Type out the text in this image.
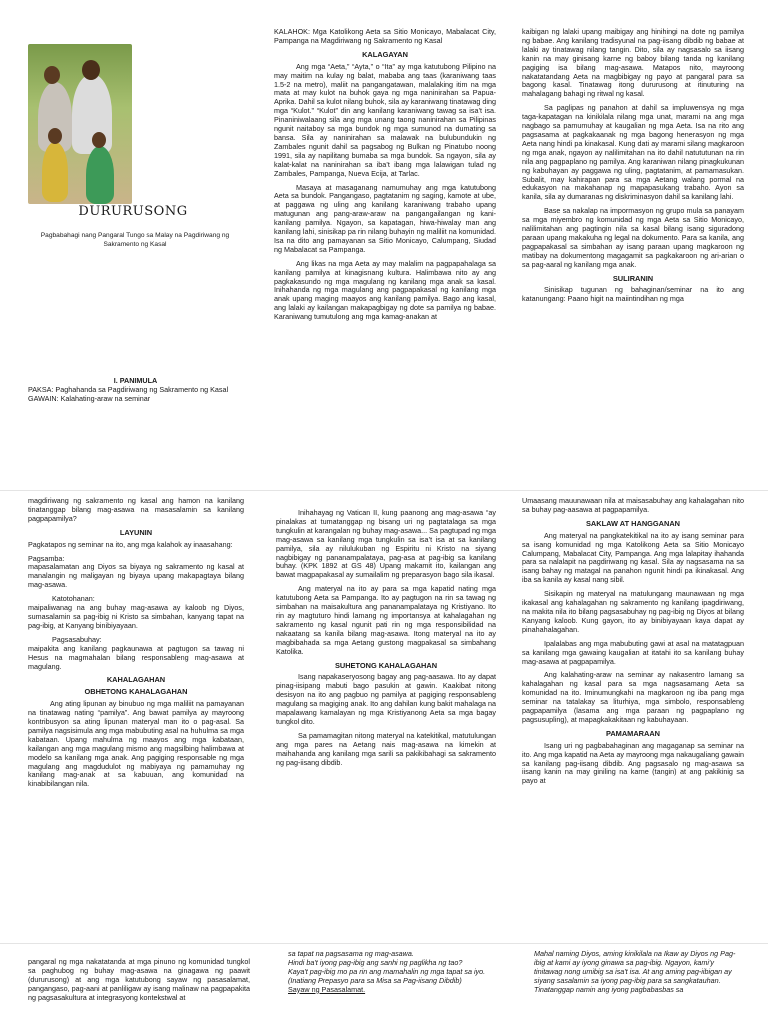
DURURUSONG
Pagbabahagi nang Pangaral Tungo sa Malay na Pagdiriwang ng Sakramento ng Kasal
I. PANIMULA
PAKSA: Paghahanda sa Pagdiriwang ng Sakramento ng Kasal
GAWAIN: Kalahating-araw na seminar

KALAHOK: Mga Katolikong Aeta sa Sitio Monicayo, Mabalacat City, Pampanga na Magdiriwang ng Sakramento ng Kasal

KALAGAYAN

Ang mga “Aeta,” “Ayta,” o “Ita” ay mga katutubong Pilipino na may maitim na kulay ng balat, mababa ang taas (karaniwang taas 1.5-2 na metro), maliit na pangangatawan, malalaking itim na mga mata at may kulot na buhok gaya ng mga naninirahan sa Papua-Aprika. Dahil sa kulot nilang buhok, sila ay karaniwang tinatawag ding mga “Kulot.” “Kulot” din ang kanilang karaniwang tawag sa isa’t isa. Pinaniniwalaang sila ang mga unang taong naninirahan sa Pilipinas ngunit naitaboy sa mga bundok ng mga sumunod na dumating sa bansa. Sila ay naninirahan sa malawak na bulubundukin ng Zambales ngunit dahil sa pagsabog ng Bulkan ng Pinatubo noong 1991, sila ay napilitang bumaba sa mga bundok. Sa ngayon, sila ay kalat-kalat na naninirahan sa iba’t ibang mga lalawigan tulad ng Zambales, Pampanga, Nueva Ecija, at Tarlac.

Masaya at masaganang namumuhay ang mga katutubong Aeta sa bundok. Pangangaso, pagtatanim ng saging, kamote at ube, at paggawa ng uling ang kanilang karaniwang trabaho upang matugunan ang pang-araw-araw na pangangailangan ng kani-kanilang pamilya. Ngayon, sa kapatagan, hiwa-hiwalay man ang kanilang lahi, sinisikap pa rin nilang buhayin ng maliliit na komunidad. Isa na dito ang pamayanan sa Sitio Monicayo, Calumpang, Siudad ng Mabalacat sa Pampanga.

Ang likas na mga Aeta ay may malalim na pagpapahalaga sa kanilang pamilya at kinagisnang kultura. Halimbawa nito ay ang pagkakasundo ng mga magulang ng kanilang mga anak sa kasal. Inihahanda ng mga magulang ang pagpapakasal ng kanilang mga anak upang maging maayos ang kanilang pamilya. Bago ang kasal, ang lalaki ay kailangan makapagbigay ng dote sa pamilya ng babae. Karaniwang tumutulong ang mga kamag-anakan at

kaibigan ng lalaki upang maibigay ang hinihingi na dote ng pamilya ng babae. Ang kanilang tradisyunal na pag-iisang dibdib ng babae at lalaki ay tinatawag nilang tangin. Dito, sila ay nagsasalo sa iisang kanin na may ginisang karne ng baboy bilang tanda ng kanilang pagiging isa bilang mag-asawa. Matapos nito, mayroong nakatatandang Aeta na magbibigay ng payo at pangaral para sa bagong kasal. Tinatawag itong dururusong at itinuturing na mahalagang bahagi ng ritwal ng kasal.

Sa paglipas ng panahon at dahil sa impluwensya ng mga taga-kapatagan na kinikilala nilang mga unat, marami na ang mga nagbago sa pamumuhay at kaugalian ng mga Aeta. Isa na rito ang pagsasama at pagkakaanak ng mga bagong henerasyon ng mga Aeta nang hindi pa kinakasal. Kung dati ay marami silang magkaroon ng mga anak, ngayon ay nalilimitahan na ito dahil natututunan na rin nila ang pagpaplano ng pamilya. Ang karaniwan nilang pinagkukunan ng kabuhayan ay paggawa ng uling, pagtatanim, at pamamasukan. Subalit, may kahirapan para sa mga Aetang walang pormal na edukasyon na makahanap ng mapapasukang trabaho. Ayon sa kanila, sila ay dumaranas ng diskriminasyon dahil sa kanilang lahi.

Base sa nakalap na impormasyon ng grupo mula sa panayam sa mga miyembro ng komunidad ng mga Aeta sa Sitio Monicayo, nalilimitahan ang pagtingin nila sa kasal bilang isang siguradong paraan upang makakuha ng legal na dokumento. Para sa kanila, ang pagpapakasal sa simbahan ay isang paraan upang magkaroon ng matibay na dokumentong magagamit sa pagkakaroon ng ari-arian o sa pag-aaral ng kanilang mga anak.

SULIRANIN

Sinisikap tugunan ng bahaginan/seminar na ito ang katanungang: Paano higit na maiintindihan ng mga

magdiriwang ng sakramento ng kasal ang hamon na kanilang tinatanggap bilang mag-asawa na masasalamin sa kanilang pagpapamilya?

LAYUNIN

Pagkatapos ng seminar na ito, ang mga kalahok ay inaasahang:

Pagsamba:

mapasalamatan ang Diyos sa biyaya ng sakramento ng kasal at manalangin ng maligayan ng biyaya upang makapagtaya bilang mag-asawa.

Katotohanan:

maipaliwanag na ang buhay mag-asawa ay kaloob ng Diyos, sumasalamin sa pag-ibig ni Kristo sa simbahan, kanyang tapat na pag-ibig, at Kanyang binibiyayaan.

Pagsasabuhay:

maipakita ang kanilang pagkaunawa at pagtugon sa tawag ni Hesus na magmahalan bilang responsableng mag-asawa at magulang.

KAHALAGAHAN
OBHETONG KAHALAGAHAN

Ang ating lipunan ay binubuo ng mga maliliit na pamayanan na tinatawag nating “pamilya”. Ang bawat pamilya ay mayroong kontribusyon sa ating lipunan materyal man ito o pag-asal. Sa pamilya nagsisimula ang mga mabubuting asal na huhulma sa mga kabataan. Upang mahulma ng maayos ang mga kabataan, kailangan ang mga magulang mismo ang magsilbing halimbawa at modelo sa kanilang mga anak. Ang pagiging responsable ng mga magulang ang magdudulot ng mabiyaya ng pamamuhay ng kanilang mag-anak at sa kabuuan, ang komunidad na kinabibilangan nila.

Inihahayag ng Vatican II, kung paanong ang mag-asawa “ay pinalakas at tumatanggap ng bisang uri ng pagtatalaga sa mga tungkulin at karangalan ng buhay mag-asawa... Sa pagtupad ng mga mag-asawa sa kanilang mga tungkulin sa isa’t isa at sa kanilang pamilya, sila ay nilulukuban ng Espiritu ni Kristo na siyang nagbibigay ng pananampalataya, pag-asa at pag-ibig sa kanilang buhay. (KPK 1892 at GS 48) Upang makamit ito, kailangan ang bawat magpapakasal ay sumailalim ng preparasyon bago sila ikasal.

Ang materyal na ito ay para sa mga kapatid nating mga katutubong Aeta sa Pampanga. Ito ay pagtugon na rin sa tawag ng simbahan na maisakultura ang pananampalataya ng Kristiyano. Ito rin ay magtuturo hindi lamang ng importansya at kahalagahan ng sakramento ng kasal ngunit pati rin ng mga responsibilidad na nakaatang sa kanila bilang mag-asawa. Itong materyal na ito ay magbibahada sa mga Aetang gustong magpakasal sa simbahang Katolika.

SUHETONG KAHALAGAHAN

Isang napakaseryosong bagay ang pag-aasawa. Ito ay dapat pinag-iisipang mabuti bago pasukin at gawin. Kaakibat nitong desisyon na ito ang pagbuo ng pamilya at pagiging responsableng magulang sa magiging anak. Ito ang dahilan kung bakit mahalaga na mapalawang kamalayan ng mga Kristiyanong Aeta sa mga bagay tungkol dito.

Sa pamamagitan nitong materyal na katekitikal, matutulungan ang mga pares na Aetang nais mag-asawa na kimekin at maihahanda ang kanilang mga sarili sa pakikibahagi sa sakramento ng pag-iisang dibdib.

Umaasang mauunawaan nila at maisasabuhay ang kahalagahan nito sa buhay pag-aasawa at pagpapamilya.

SAKLAW AT HANGGANAN

Ang materyal na pangkatekitikal na ito ay isang seminar para sa isang komunidad ng mga Katolikong Aeta sa Sitio Monicayo Calumpang, Mabalacat City, Pampanga. Ang mga lalapitay ihahanda para sa nalalapit na pagdiriwang ng kasal. Sila ay nagsasama na sa isang bahay ng matagal na panahon ngunit hindi pa ikinakasal. Ang iba sa kanila ay kasal nang sibil.

Sisikapin ng materyal na matulungang maunawaan ng mga ikakasal ang kahalagahan ng sakramento ng kanilang ipagdiriwang, na makita nila ito bilang pagsasabuhay ng pag-ibig ng Diyos at bilang Kanyang kaloob. Kung gayon, ito ay binibiyayaan kaya dapat ay pinahahalagahan.

Ipalalabas ang mga mabubuting gawi at asal na matatagpuan sa kanilang mga gawaing kaugalian at itatahi ito sa kanilang buhay mag-asawa at pagpapamilya.

Ang kalahating-araw na seminar ay nakasentro lamang sa kahalagahan ng kasal para sa mga nagsasamang Aeta sa komunidad na ito. Iminumungkahi na magkaroon ng iba pang mga seminar na tatalakay sa liturhiya, mga simbolo, responsableng pagpapamilya (lasama ang mga paraan ng pagpaplano ng pagsusupling), at mapagkakakitaan ng kabuhayaan.

PAMAMARAAN

Isang uri ng pagbabahaginan ang magaganap sa seminar na ito. Ang mga kapatid na Aeta ay mayroong mga nakaugaliang gawain sa kanilang pag-iisang dibdib. Ang pagsasalo ng mag-asawa sa iisang kanin na may giniling na karne (tangin) at ang pakikinig sa payo at

pangaral ng mga nakatatanda at mga pinuno ng komunidad tungkol sa paghubog ng buhay mag-asawa na ginagawa ng paawit (dururusong) at ang mga katutubong sayaw ng pasasalamat, pangangaso, pag-aani at panliligaw ay isang malinaw na pagpapakita ng pagsasakultura at integrasyong kontekstwal at

sa tapat na pagsasama ng mag-asawa.
Hindi ba't iyong pag-ibig ang sanhi ng paglikha ng tao?
Kaya't pag-ibig mo pa rin ang mamahalin ng mga tapat sa iyo.
(Inatiang Prepasyo para sa Misa sa Pag-iisang Dibdib)
Sayaw ng Pasasalamat.

Mahal naming Diyos, aming kinikilala na Ikaw ay Diyos ng Pag-ibig at kami ay iyong ginawa sa pag-ibig. Ngayon, kami'y tinitawag nong umibig sa isa't isa. At ang aming pag-iibigan ay siyang sasalamin sa iyong pag-ibig para sa sangkatauhan. Tinatanggap namin ang iyong pagbabasbas sa
